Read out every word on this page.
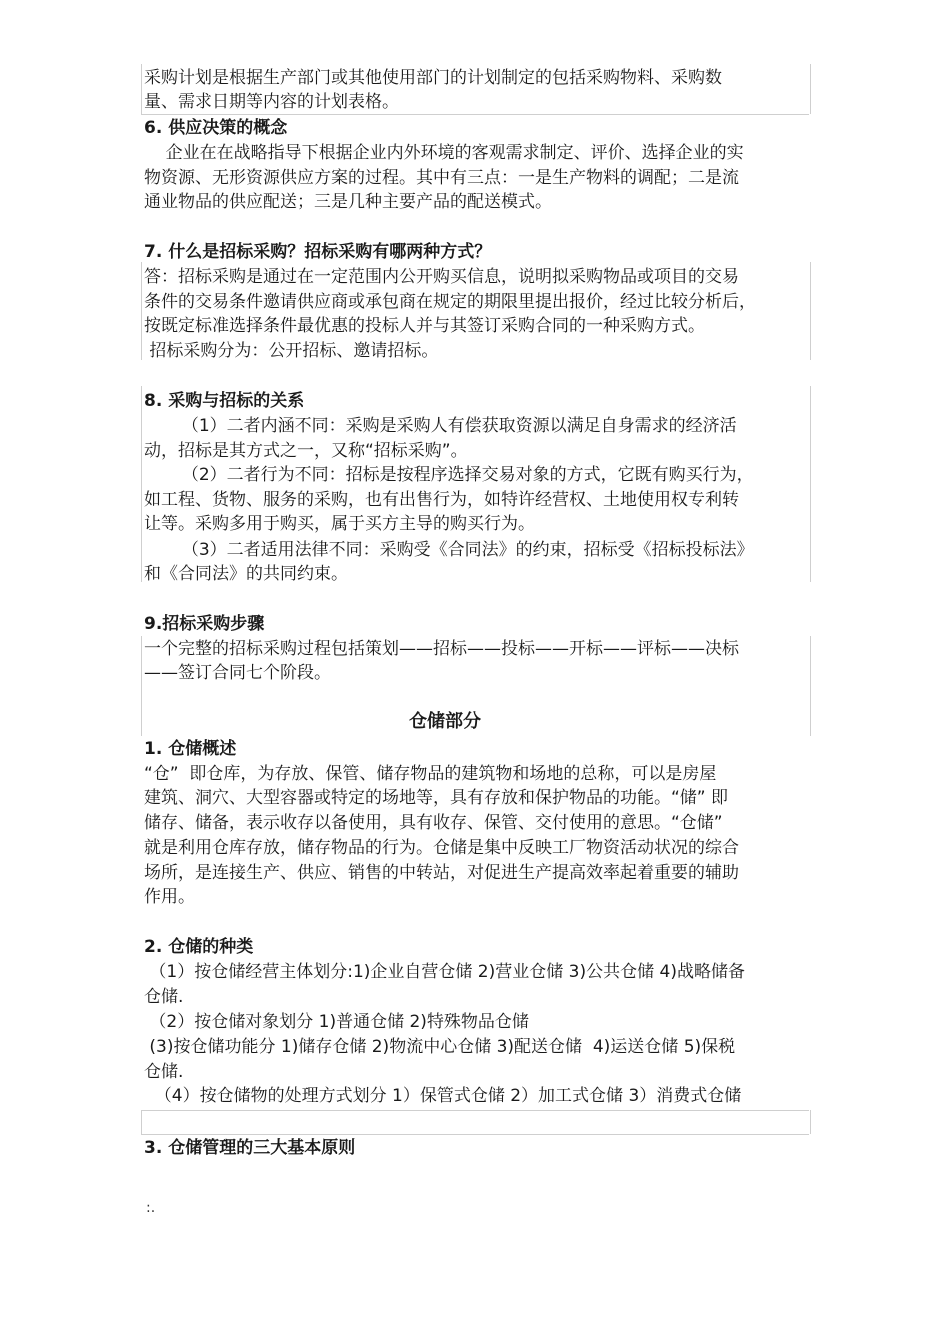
采购计划是根据生产部门或其他使用部门的计划制定的包括采购物料、采购数
量、需求日期等内容的计划表格。
6. 供应决策的概念
企业在在战略指导下根据企业内外环境的客观需求制定、评价、选择企业的实
物资源、无形资源供应方案的过程。其中有三点：一是生产物料的调配；二是流
通业物品的供应配送；三是几种主要产品的配送模式。
7. 什么是招标采购？招标采购有哪两种方式？
答：招标采购是通过在一定范围内公开购买信息，说明拟采购物品或项目的交易
条件的交易条件邀请供应商或承包商在规定的期限里提出报价，经过比较分析后，
按既定标准选择条件最优惠的投标人并与其签订采购合同的一种采购方式。
招标采购分为：公开招标、邀请招标。
8. 采购与招标的关系
（1）二者内涵不同：采购是采购人有偿获取资源以满足自身需求的经济活
动，招标是其方式之一，又称“招标采购”。
（2）二者行为不同：招标是按程序选择交易对象的方式，它既有购买行为，
如工程、货物、服务的采购，也有出售行为，如特许经营权、土地使用权专利转
让等。采购多用于购买，属于买方主导的购买行为。
（3）二者适用法律不同：采购受《合同法》的约束，招标受《招标投标法》
和《合同法》的共同约束。
9.招标采购步骤
一个完整的招标采购过程包括策划——招标——投标——开标——评标——决标
——签订合同七个阶段。
仓储部分
1. 仓储概述
“仓”  即仓库，为存放、保管、储存物品的建筑物和场地的总称，可以是房屋
建筑、洞穴、大型容器或特定的场地等，具有存放和保护物品的功能。“储” 即
储存、储备，表示收存以备使用，具有收存、保管、交付使用的意思。“仓储”
就是利用仓库存放，储存物品的行为。仓储是集中反映工厂物资活动状况的综合
场所，是连接生产、供应、销售的中转站，对促进生产提高效率起着重要的辅助
作用。
2. 仓储的种类
（1）按仓储经营主体划分:1)企业自营仓储 2)营业仓储 3)公共仓储 4)战略储备
仓储.
（2）按仓储对象划分 1)普通仓储 2)特殊物品仓储
(3)按仓储功能分 1)储存仓储 2)物流中心仓储 3)配送仓储  4)运送仓储 5)保税
仓储.
（4）按仓储物的处理方式划分 1）保管式仓储 2）加工式仓储 3）消费式仓储
3. 仓储管理的三大基本原则
:.
